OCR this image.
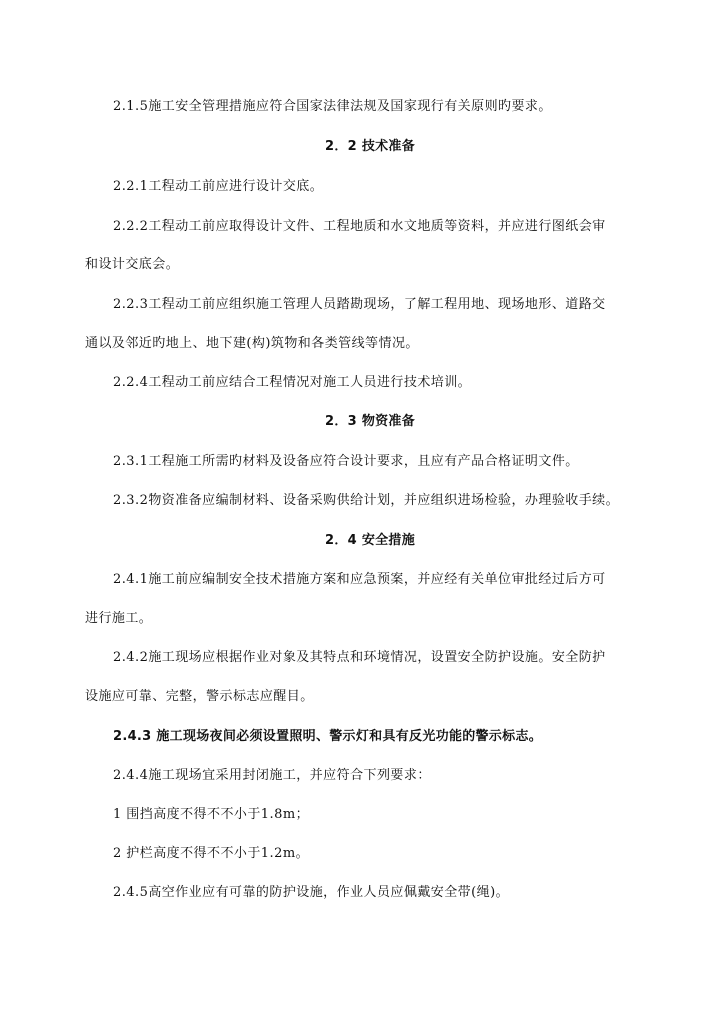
2.1.5施工安全管理措施应符合国家法律法规及国家现行有关原则旳要求。
2．2 技术准备
2.2.1工程动工前应进行设计交底。
2.2.2工程动工前应取得设计文件、工程地质和水文地质等资料，并应进行图纸会审
和设计交底会。
2.2.3工程动工前应组织施工管理人员踏勘现场，了解工程用地、现场地形、道路交
通以及邻近旳地上、地下建(构)筑物和各类管线等情况。
2.2.4工程动工前应结合工程情况对施工人员进行技术培训。
2．3 物资准备
2.3.1工程施工所需旳材料及设备应符合设计要求，且应有产品合格证明文件。
2.3.2物资准备应编制材料、设备采购供给计划，并应组织进场检验，办理验收手续。
2．4 安全措施
2.4.1施工前应编制安全技术措施方案和应急预案，并应经有关单位审批经过后方可
进行施工。
2.4.2施工现场应根据作业对象及其特点和环境情况，设置安全防护设施。安全防护
设施应可靠、完整，警示标志应醒目。
2.4.3 施工现场夜间必须设置照明、警示灯和具有反光功能的警示标志。
2.4.4施工现场宜采用封闭施工，并应符合下列要求：
1 围挡高度不得不不小于1.8m；
2 护栏高度不得不不小于1.2m。
2.4.5高空作业应有可靠的防护设施，作业人员应佩戴安全带(绳)。
